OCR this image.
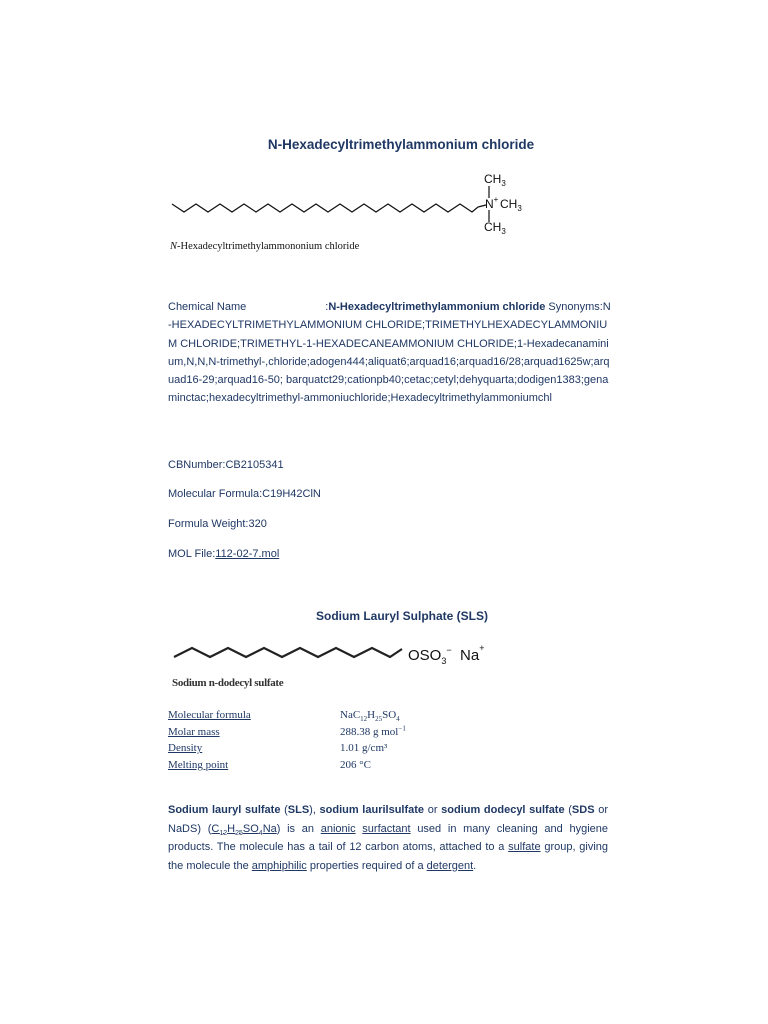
N-Hexadecyltrimethylammonium chloride
$CH_3$
N+ $CH_3$
$CH_3$
N-Hexadecyltrimethylammononium chloride
Chemical Name	:N-Hexadecyltrimethylammonium chloride Synonyms:N-HEXADECYLTRIMETHYLAMMONIUM CHLORIDE;TRIMETHYLHEXADECYLAMMONIUM CHLORIDE;TRIMETHYL-1-HEXADECANEAMMONIUM CHLORIDE;1-Hexadecanaminium,N,N,N-trimethyl-,chloride;adogen444;aliquat6;arquad16;arquad16/28;arquad1625w;arquad16-29;arquad16-50; barquatct29;cationpb40;cetac;cetyl;dehyquarta;dodigen1383;genaminctac;hexadecyltrimethyl-ammoniuchloride;Hexadecyltrimethylammoniumchl
CBNumber:CB2105341
Molecular Formula:C19H42ClN
Formula Weight:320
MOL File:112-02-7.mol
Sodium Lauryl Sulphate (SLS)
$OSO_3^-$ Na+
Sodium n-dodecyl sulfate
Molecular formula	$NaC_{12}H_{25}SO_4$
Molar mass	288.38 g mol$^{-1}$
Density	1.01 g/cm³
Melting point	206 °C
Sodium lauryl sulfate (SLS), sodium laurilsulfate or sodium dodecyl sulfate (SDS or NaDS) $(C_{12}H_{25}SO_4Na)$ is an anionic surfactant used in many cleaning and hygiene products. The molecule has a tail of 12 carbon atoms, attached to a sulfate group, giving the molecule the amphiphilic properties required of a detergent.
